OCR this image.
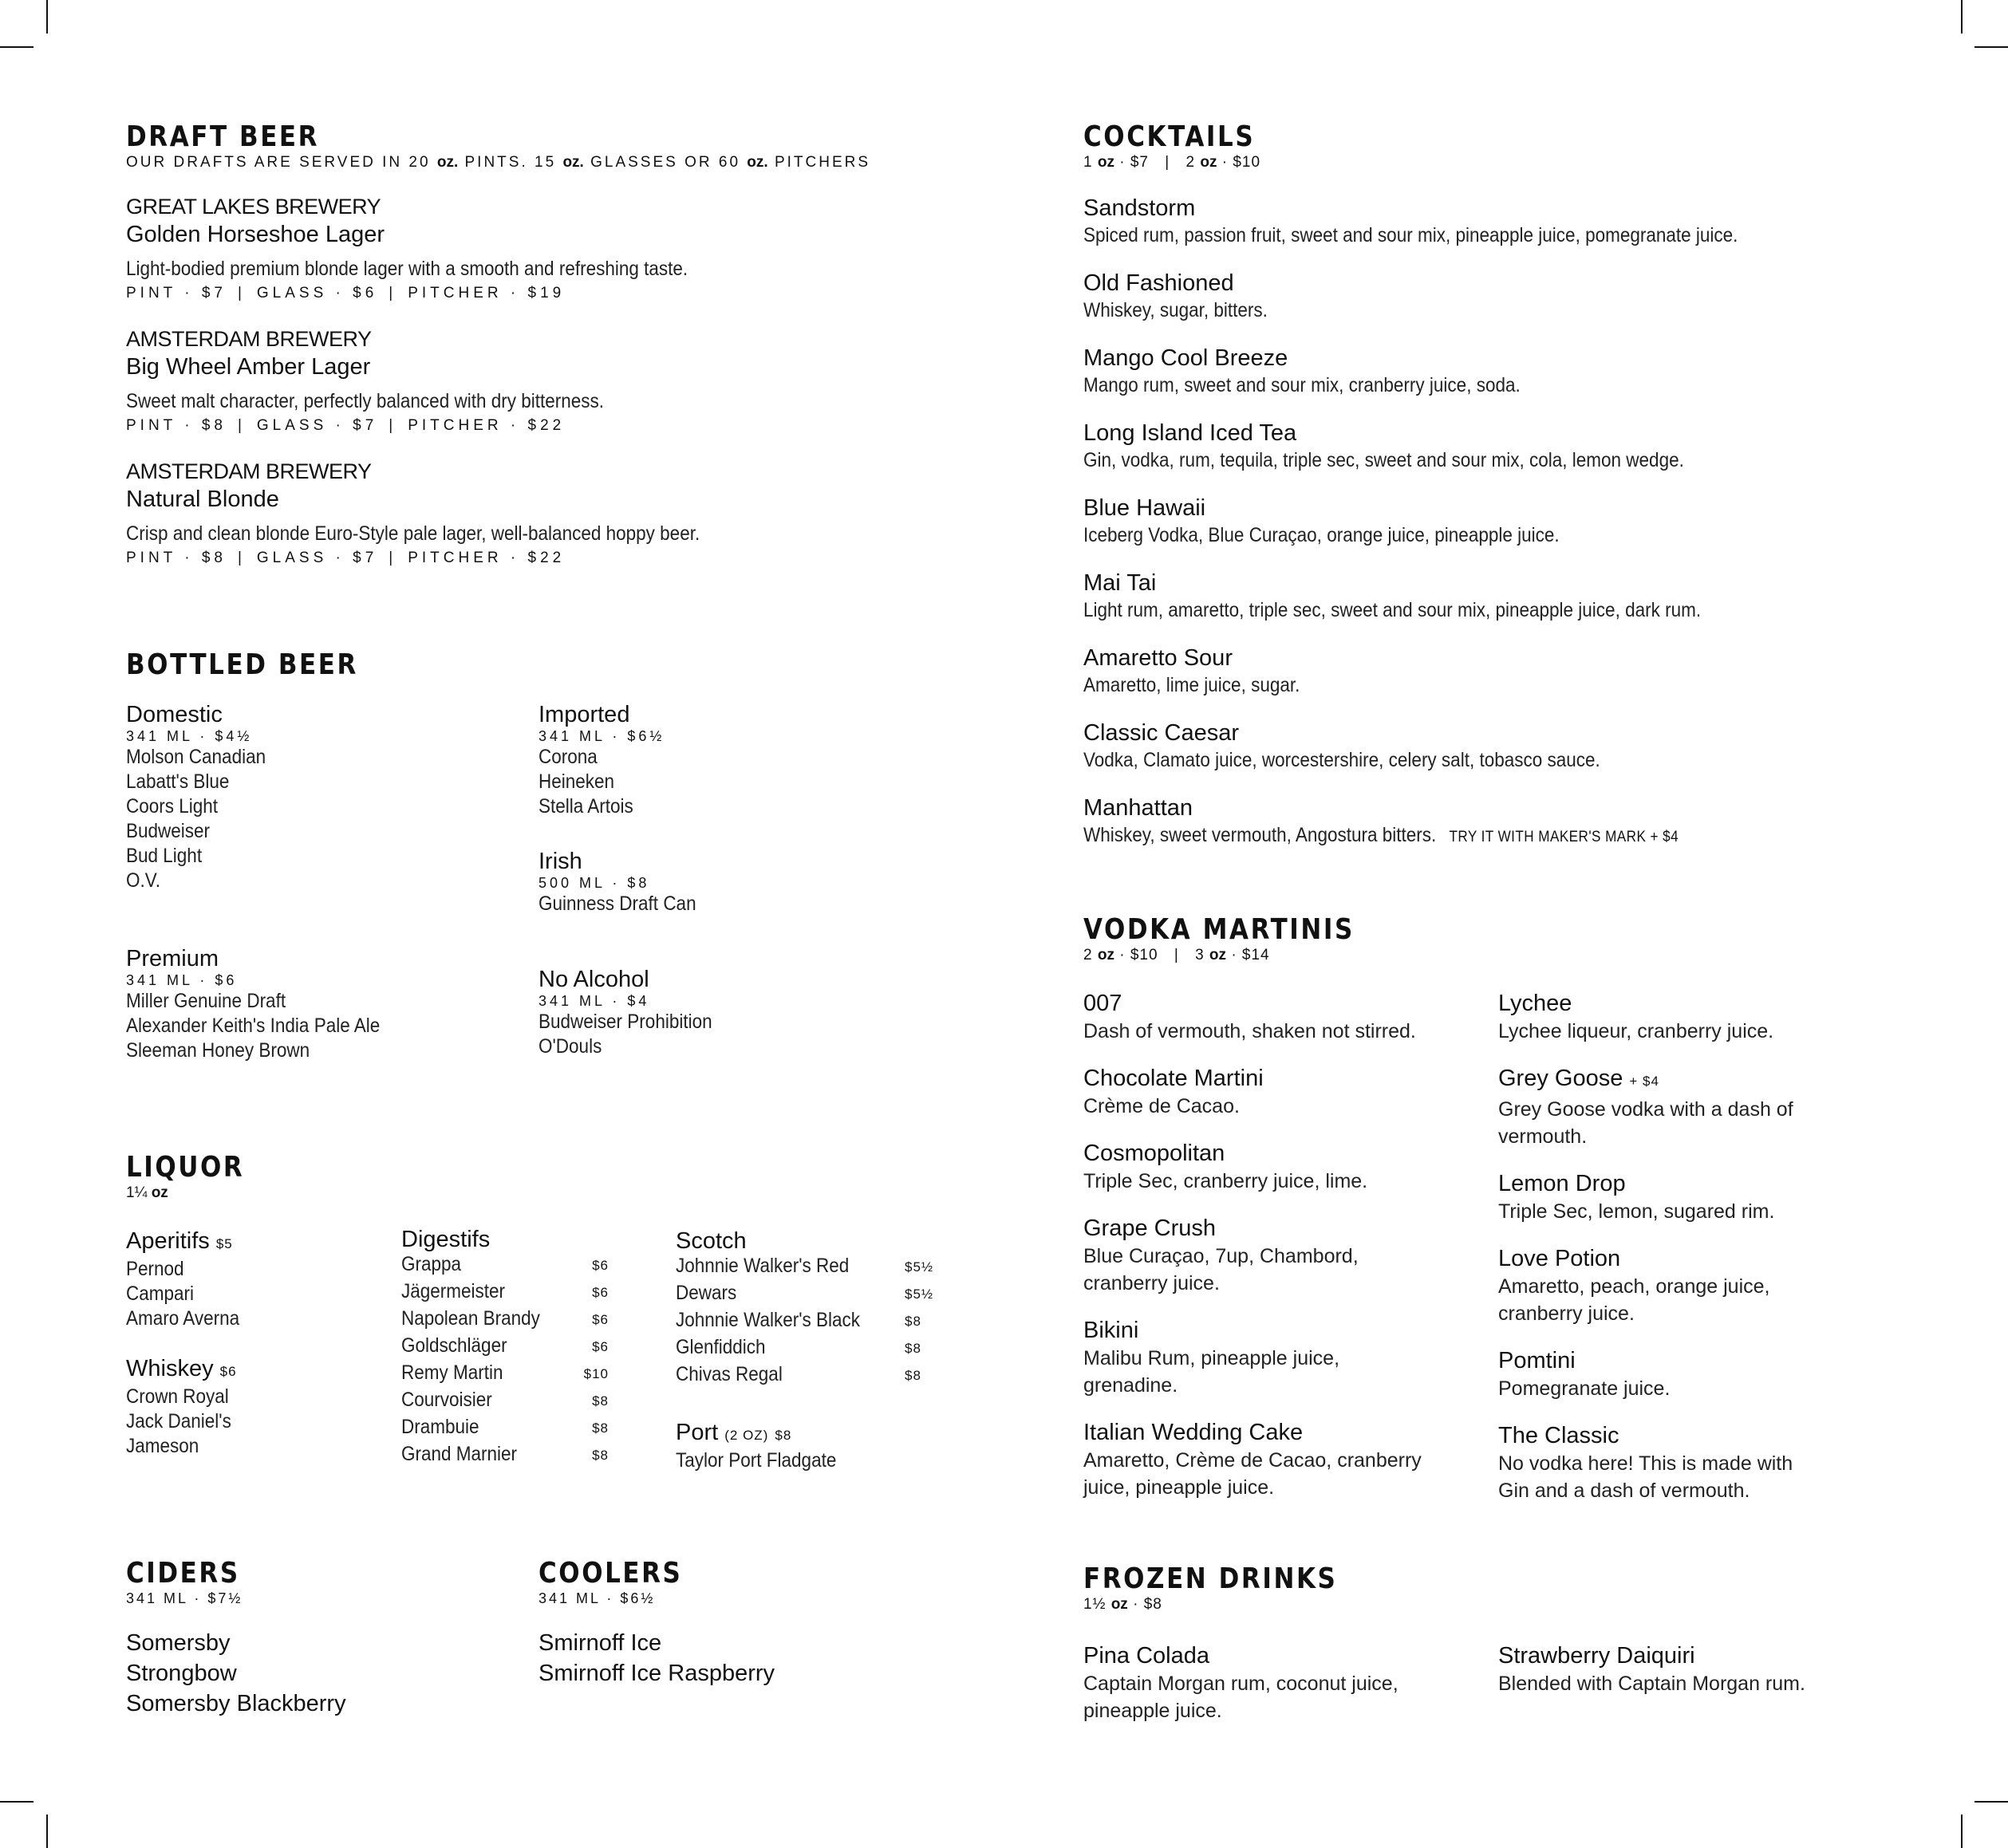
DRAFT BEER
OUR DRAFTS ARE SERVED IN 20 oz. PINTS. 15 oz. GLASSES OR 60 oz. PITCHERS
GREAT LAKES BREWERY
Golden Horseshoe Lager
Light-bodied premium blonde lager with a smooth and refreshing taste.
PINT · $7 | GLASS · $6 | PITCHER · $19
AMSTERDAM BREWERY
Big Wheel Amber Lager
Sweet malt character, perfectly balanced with dry bitterness.
PINT · $8 | GLASS · $7 | PITCHER · $22
AMSTERDAM BREWERY
Natural Blonde
Crisp and clean blonde Euro-Style pale lager, well-balanced hoppy beer.
PINT · $8 | GLASS · $7 | PITCHER · $22
BOTTLED BEER
Domestic
341 ML · $4½
Molson Canadian
Labatt's Blue
Coors Light
Budweiser
Bud Light
O.V.
Premium
341 ML · $6
Miller Genuine Draft
Alexander Keith's India Pale Ale
Sleeman Honey Brown
Imported
341 ML · $6½
Corona
Heineken
Stella Artois
Irish
500 ML · $8
Guinness Draft Can
No Alcohol
341 ML · $4
Budweiser Prohibition
O'Douls
LIQUOR
1¼ oz
Aperitifs $5
Pernod
Campari
Amaro Averna
Whiskey $6
Crown Royal
Jack Daniel's
Jameson
Digestifs
Grappa	$6
Jägermeister	$6
Napolean Brandy	$6
Goldschläger	$6
Remy Martin	$10
Courvoisier	$8
Drambuie	$8
Grand Marnier	$8
Scotch
Johnnie Walker's Red	$5½
Dewars	$5½
Johnnie Walker's Black	$8
Glenfiddich	$8
Chivas Regal	$8
Port (2 OZ) $8
Taylor Port Fladgate
CIDERS
341 ML · $7½
Somersby
Strongbow
Somersby Blackberry
COOLERS
341 ML · $6½
Smirnoff Ice
Smirnoff Ice Raspberry
COCKTAILS
1 oz · $7 | 2 oz · $10
Sandstorm
Spiced rum, passion fruit, sweet and sour mix, pineapple juice, pomegranate juice.
Old Fashioned
Whiskey, sugar, bitters.
Mango Cool Breeze
Mango rum, sweet and sour mix, cranberry juice, soda.
Long Island Iced Tea
Gin, vodka, rum, tequila, triple sec, sweet and sour mix, cola, lemon wedge.
Blue Hawaii
Iceberg Vodka, Blue Curaçao, orange juice, pineapple juice.
Mai Tai
Light rum, amaretto, triple sec, sweet and sour mix, pineapple juice, dark rum.
Amaretto Sour
Amaretto, lime juice, sugar.
Classic Caesar
Vodka, Clamato juice, worcestershire, celery salt, tobasco sauce.
Manhattan
Whiskey, sweet vermouth, Angostura bitters. TRY IT WITH MAKER'S MARK + $4
VODKA MARTINIS
2 oz · $10 | 3 oz · $14
007
Dash of vermouth, shaken not stirred.
Chocolate Martini
Crème de Cacao.
Cosmopolitan
Triple Sec, cranberry juice, lime.
Grape Crush
Blue Curaçao, 7up, Chambord, cranberry juice.
Bikini
Malibu Rum, pineapple juice, grenadine.
Italian Wedding Cake
Amaretto, Crème de Cacao, cranberry juice, pineapple juice.
Lychee
Lychee liqueur, cranberry juice.
Grey Goose + $4
Grey Goose vodka with a dash of vermouth.
Lemon Drop
Triple Sec, lemon, sugared rim.
Love Potion
Amaretto, peach, orange juice, cranberry juice.
Pomtini
Pomegranate juice.
The Classic
No vodka here! This is made with Gin and a dash of vermouth.
FROZEN DRINKS
1½ oz · $8
Pina Colada
Captain Morgan rum, coconut juice, pineapple juice.
Strawberry Daiquiri
Blended with Captain Morgan rum.
